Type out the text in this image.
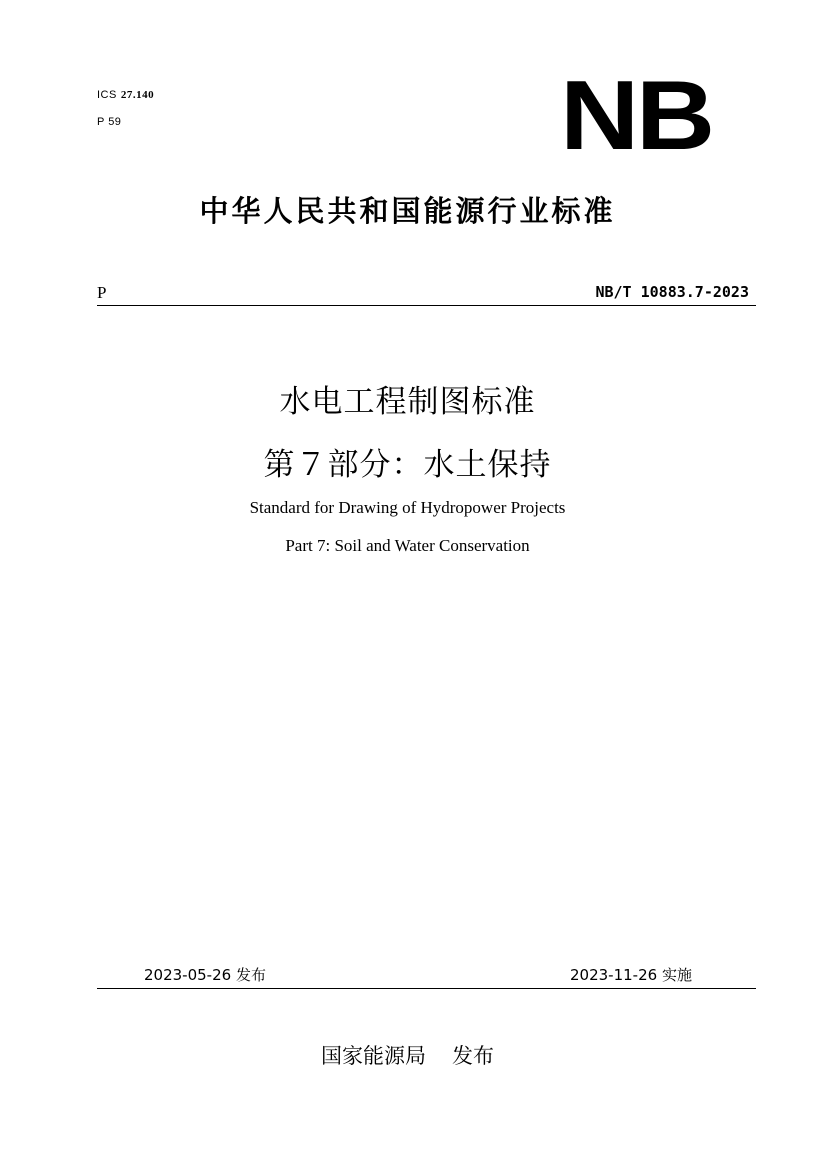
ICS 27.140
P 59	NB
中华人民共和国能源行业标准
P	NB/T 10883.7-2023
水电工程制图标准
第７部分：水土保持
Standard for Drawing of Hydropower Projects
Part 7: Soil and Water Conservation
2023-05-26 发布	2023-11-26 实施
国家能源局 发布
